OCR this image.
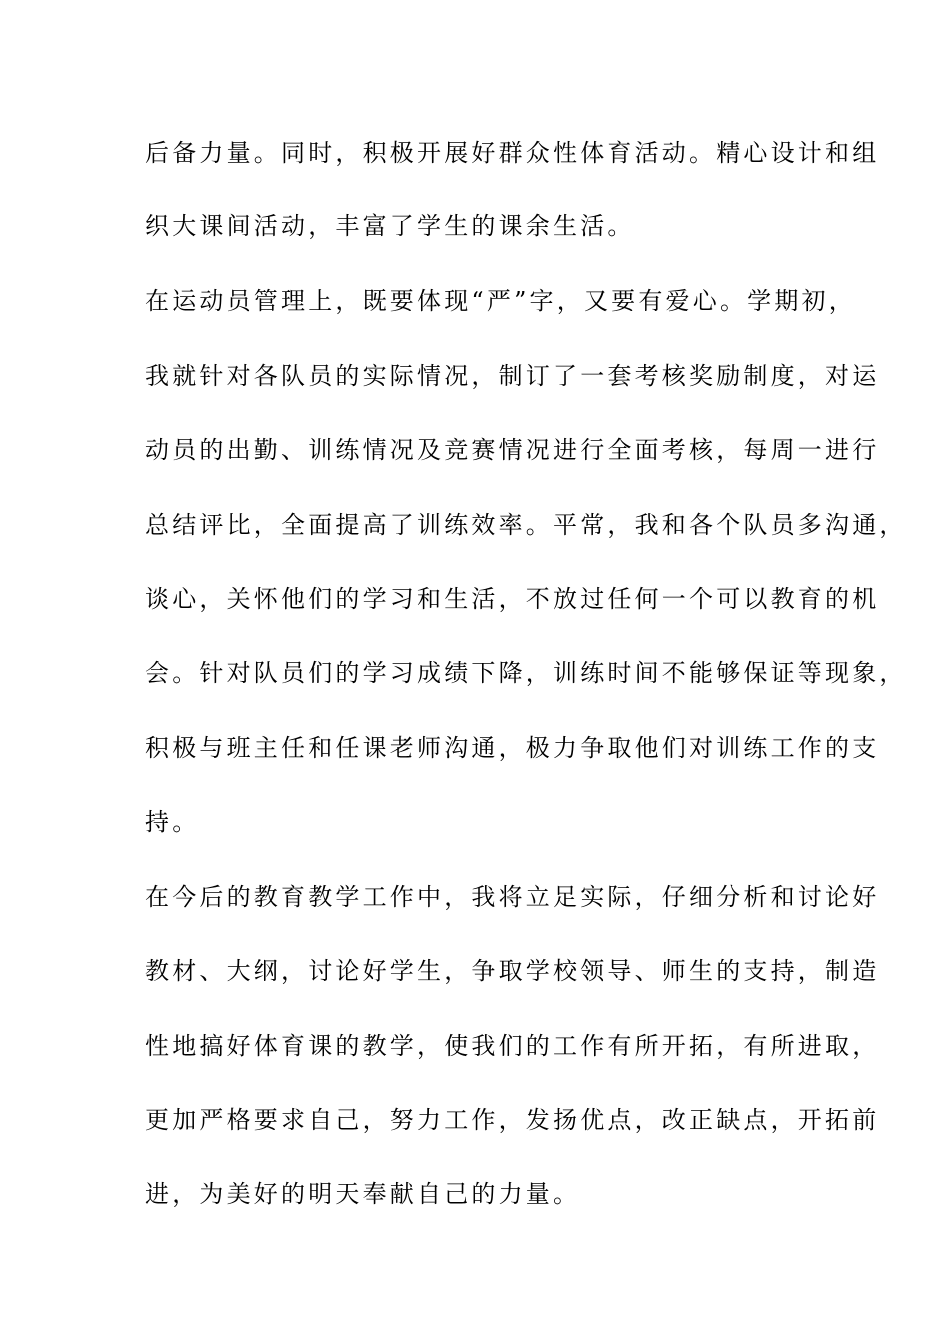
后备力量。同时，积极开展好群众性体育活动。精心设计和组
织大课间活动，丰富了学生的课余生活。
在运动员管理上，既要体现“严”字，又要有爱心。学期初，
我就针对各队员的实际情况，制订了一套考核奖励制度，对运
动员的出勤、训练情况及竞赛情况进行全面考核，每周一进行
总结评比，全面提高了训练效率。平常，我和各个队员多沟通，
谈心，关怀他们的学习和生活，不放过任何一个可以教育的机
会。针对队员们的学习成绩下降，训练时间不能够保证等现象，
积极与班主任和任课老师沟通，极力争取他们对训练工作的支
持。
在今后的教育教学工作中，我将立足实际，仔细分析和讨论好
教材、大纲，讨论好学生，争取学校领导、师生的支持，制造
性地搞好体育课的教学，使我们的工作有所开拓，有所进取，
更加严格要求自己，努力工作，发扬优点，改正缺点，开拓前
进，为美好的明天奉献自己的力量。
